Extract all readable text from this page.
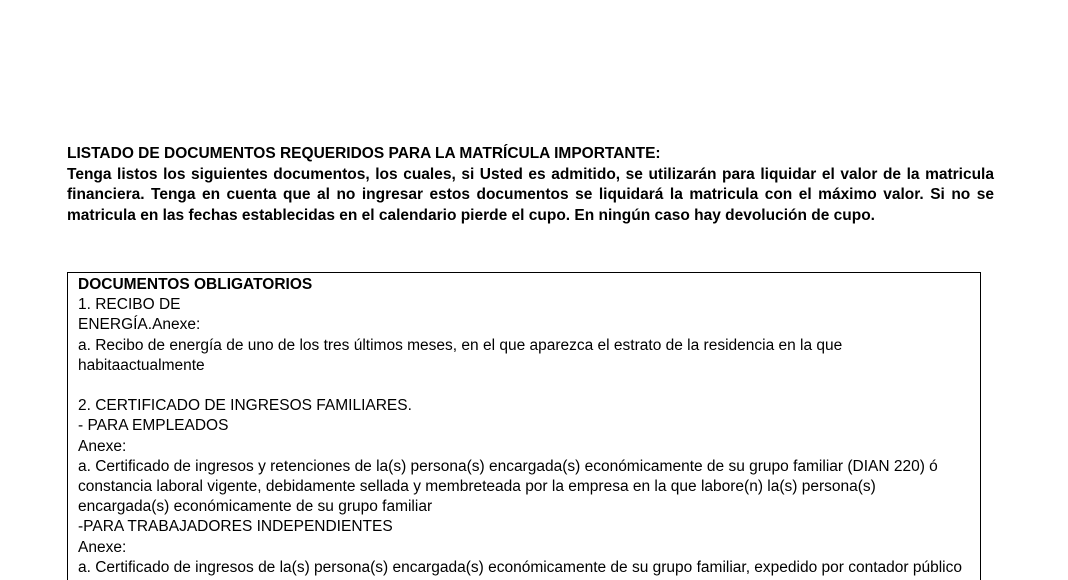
LISTADO DE DOCUMENTOS REQUERIDOS PARA LA MATRÍCULA IMPORTANTE:
Tenga listos los siguientes documentos, los cuales, si Usted es admitido, se utilizarán para liquidar el valor de la matricula financiera. Tenga en cuenta que al no ingresar estos documentos se liquidará la matricula con el máximo valor. Si no se matricula en las fechas establecidas en el calendario pierde el cupo. En ningún caso hay devolución de cupo.
DOCUMENTOS OBLIGATORIOS
1. RECIBO DE
ENERGÍA.Anexe:
a. Recibo de energía de uno de los tres últimos meses, en el que aparezca el estrato de la residencia en la que habitaactualmente
2. CERTIFICADO DE INGRESOS FAMILIARES.
- PARA EMPLEADOS
Anexe:
a. Certificado de ingresos y retenciones de la(s) persona(s) encargada(s) económicamente de su grupo familiar (DIAN 220) ó constancia laboral vigente, debidamente sellada y membreteada por la empresa en la que labore(n) la(s) persona(s) encargada(s) económicamente de su grupo familiar
-PARA TRABAJADORES INDEPENDIENTES
Anexe:
a. Certificado de ingresos de la(s) persona(s) encargada(s) económicamente de su grupo familiar, expedido por contador público
